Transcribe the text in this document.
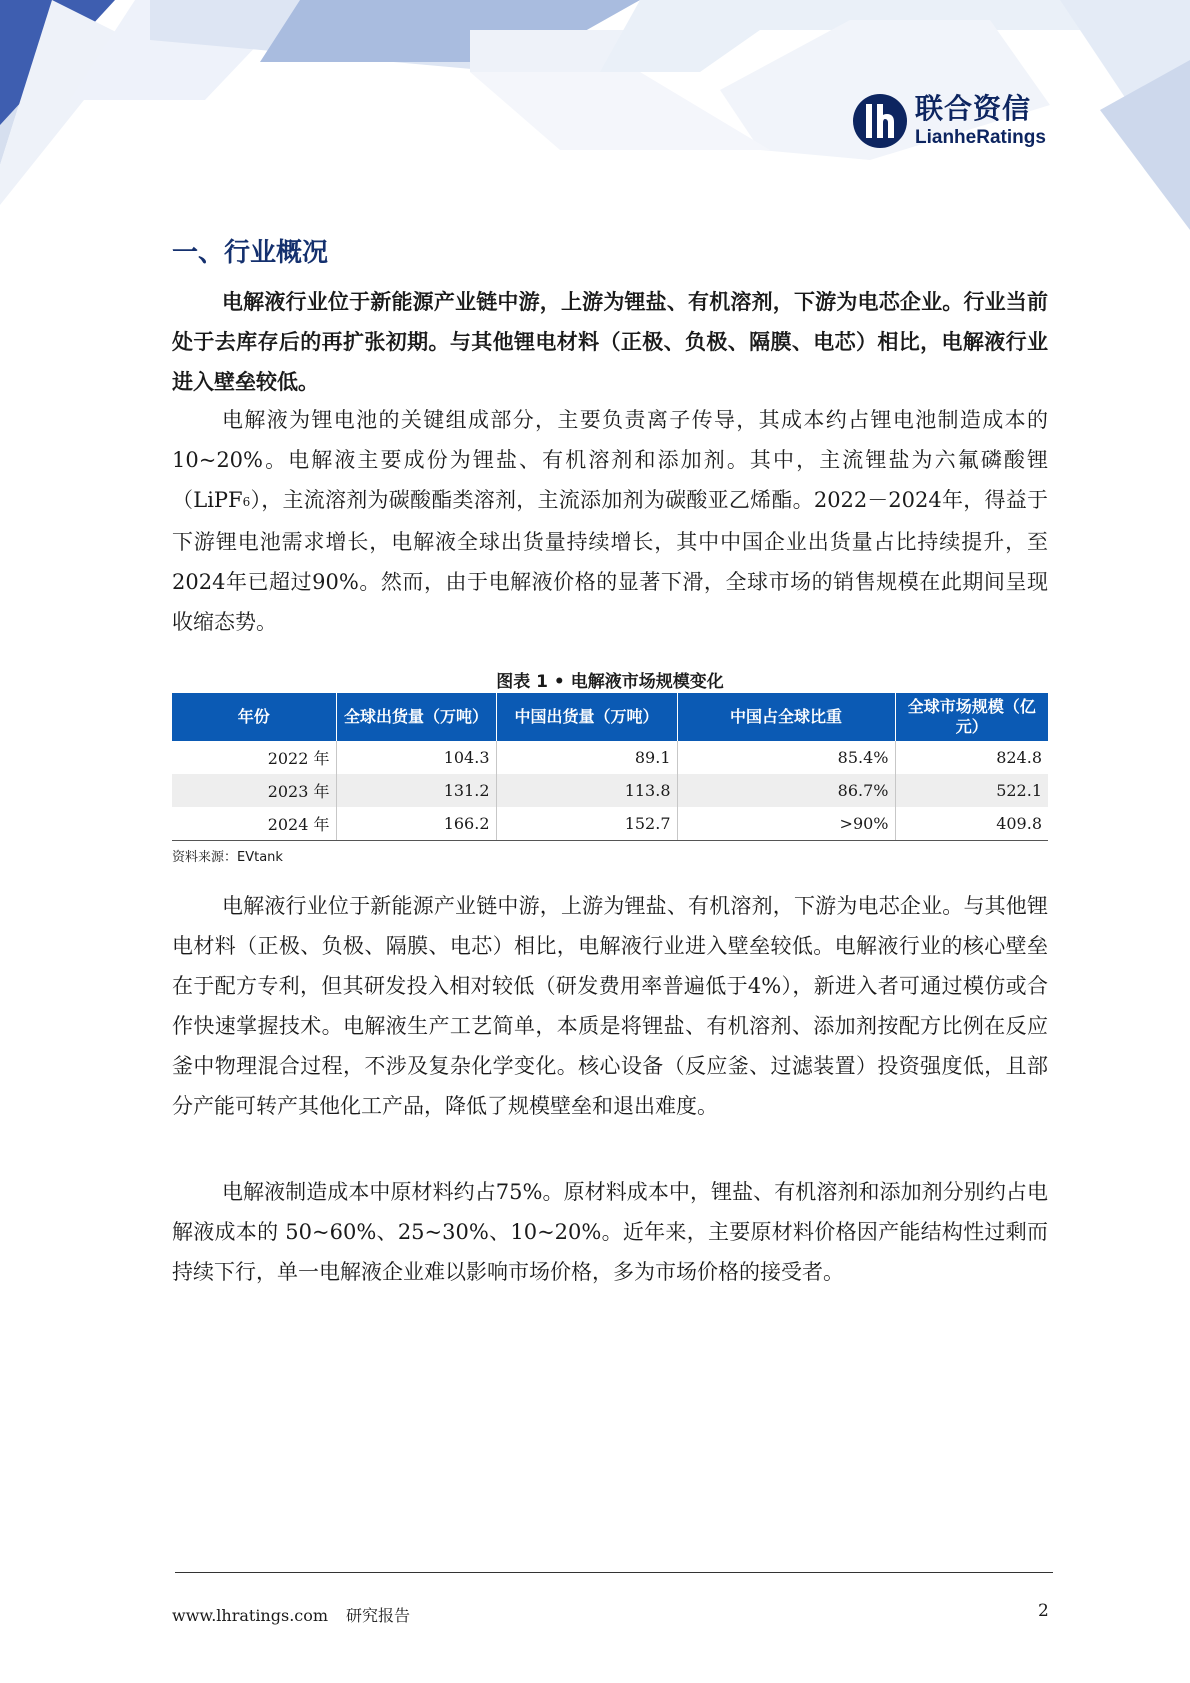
联合资信
LianheRatings
一、行业概况

电解液行业位于新能源产业链中游，上游为锂盐、有机溶剂，下游为电芯企业。行业当前处于去库存后的再扩张初期。与其他锂电材料（正极、负极、隔膜、电芯）相比，电解液行业进入壁垒较低。

电解液为锂电池的关键组成部分，主要负责离子传导，其成本约占锂电池制造成本的10~20%。电解液主要成份为锂盐、有机溶剂和添加剂。其中，主流锂盐为六氟磷酸锂（LiPF6），主流溶剂为碳酸酯类溶剂，主流添加剂为碳酸亚乙烯酯。2022－2024年，得益于下游锂电池需求增长，电解液全球出货量持续增长，其中中国企业出货量占比持续提升，至2024年已超过90%。然而，由于电解液价格的显著下滑，全球市场的销售规模在此期间呈现收缩态势。

图表 1 • 电解液市场规模变化
年份	全球出货量（万吨）	中国出货量（万吨）	中国占全球比重	全球市场规模（亿元）
2022 年	104.3	89.1	85.4%	824.8
2023 年	131.2	113.8	86.7%	522.1
2024 年	166.2	152.7	>90%	409.8
资料来源：EVtank

电解液行业位于新能源产业链中游，上游为锂盐、有机溶剂，下游为电芯企业。与其他锂电材料（正极、负极、隔膜、电芯）相比，电解液行业进入壁垒较低。电解液行业的核心壁垒在于配方专利，但其研发投入相对较低（研发费用率普遍低于4%），新进入者可通过模仿或合作快速掌握技术。电解液生产工艺简单，本质是将锂盐、有机溶剂、添加剂按配方比例在反应釜中物理混合过程，不涉及复杂化学变化。核心设备（反应釜、过滤装置）投资强度低，且部分产能可转产其他化工产品，降低了规模壁垒和退出难度。

电解液制造成本中原材料约占75%。原材料成本中，锂盐、有机溶剂和添加剂分别约占电解液成本的 50~60%、25~30%、10~20%。近年来，主要原材料价格因产能结构性过剩而持续下行，单一电解液企业难以影响市场价格，多为市场价格的接受者。

www.lhratings.com 研究报告	2
